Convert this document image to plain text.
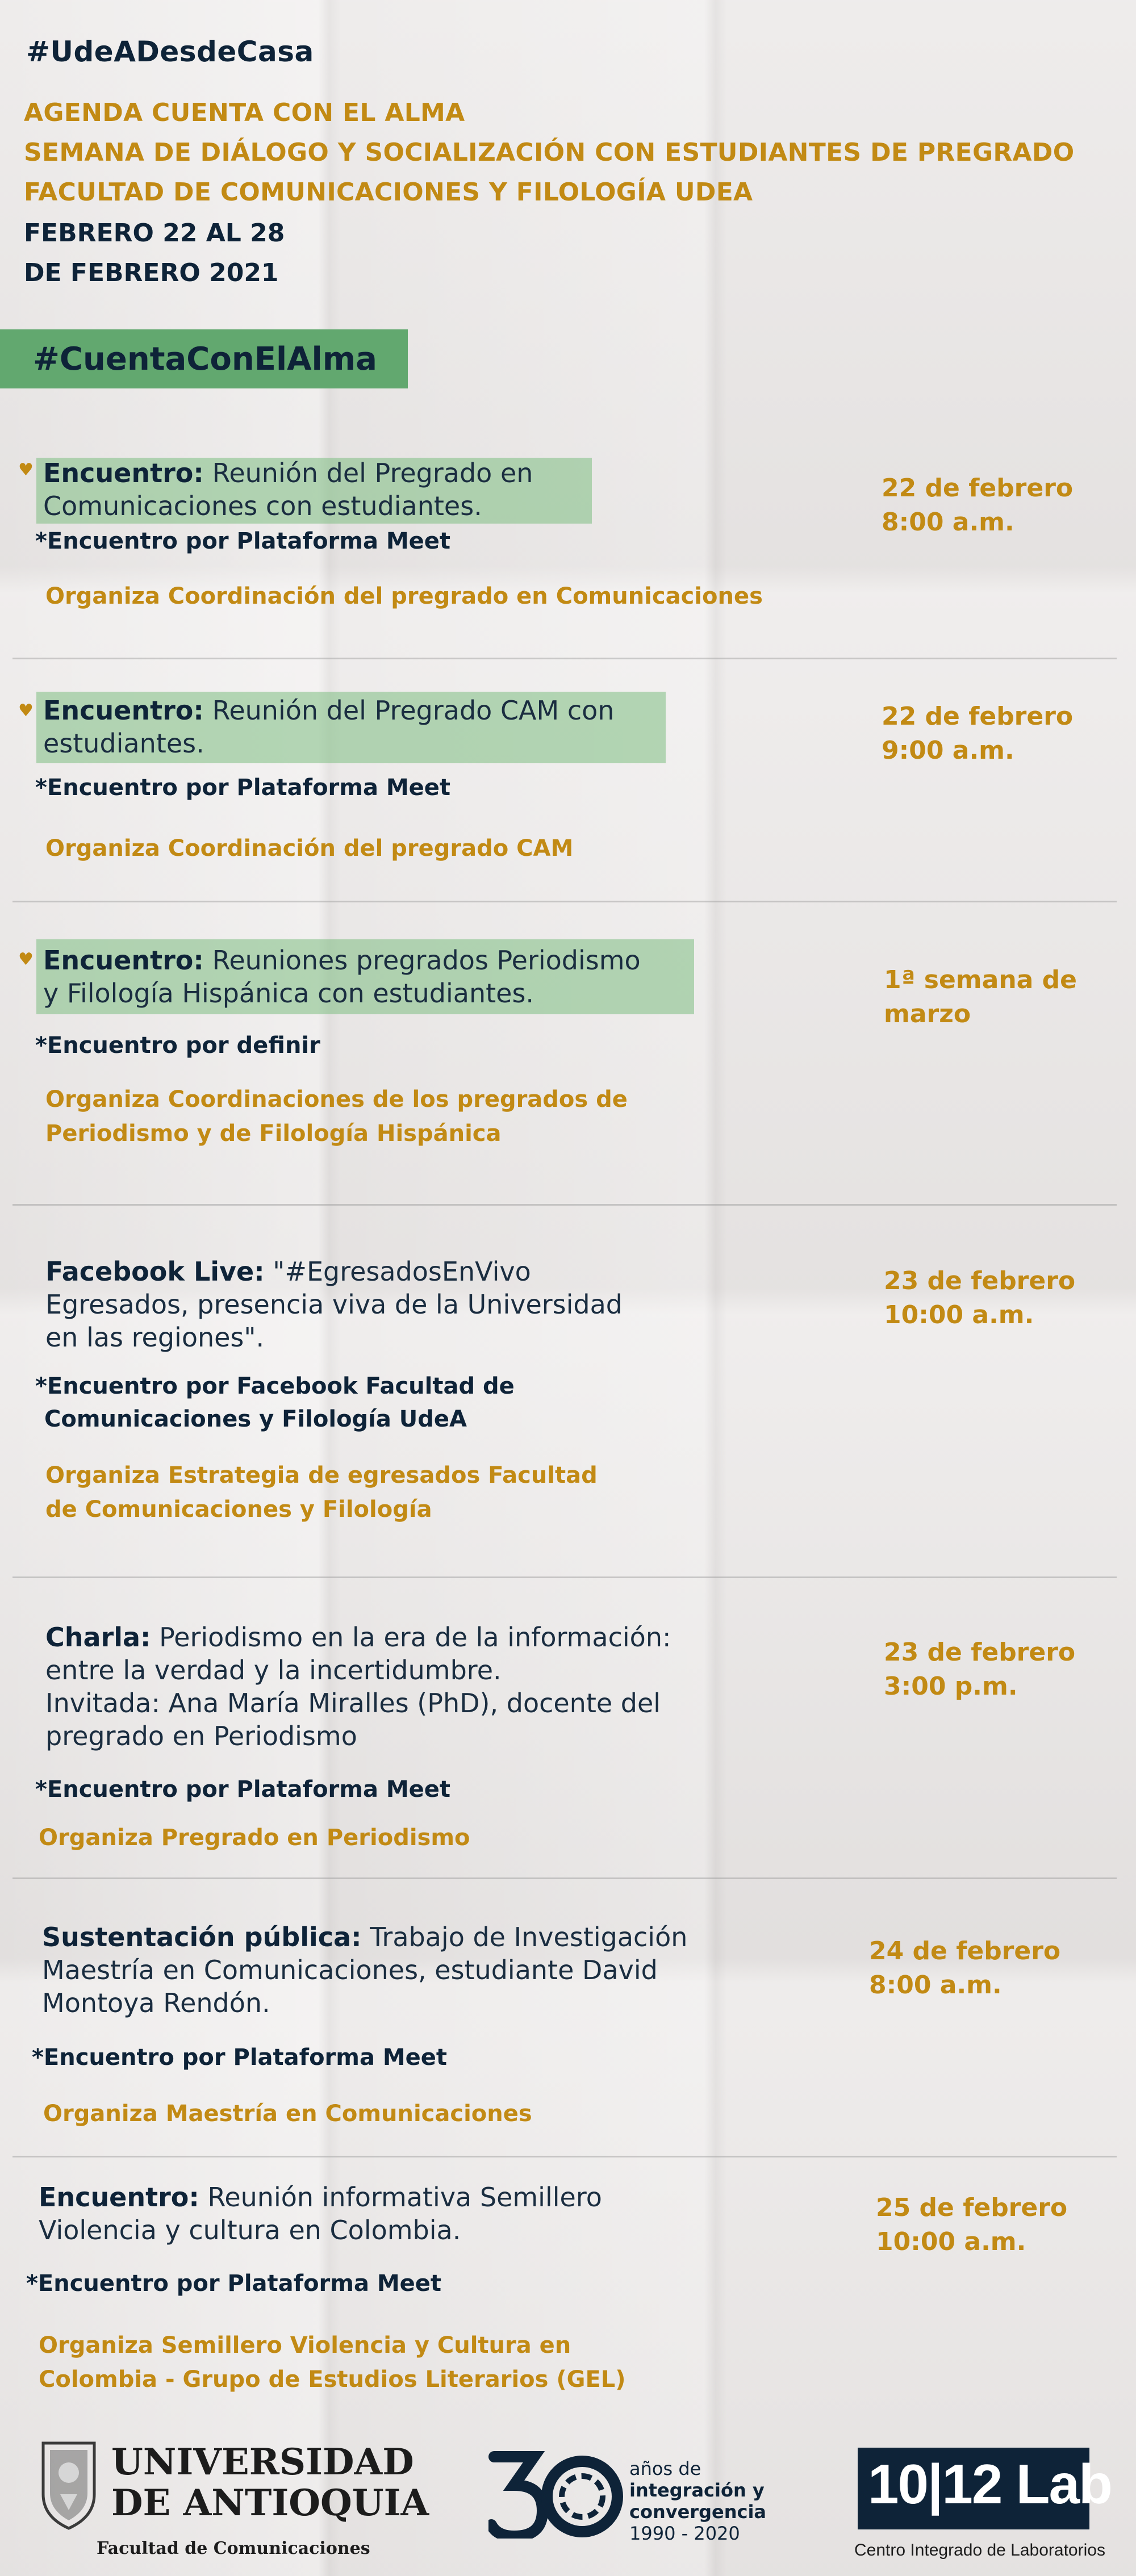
#UdeADesdeCasa
AGENDA CUENTA CON EL ALMA
SEMANA DE DIÁLOGO Y SOCIALIZACIÓN CON ESTUDIANTES DE PREGRADO
FACULTAD DE COMUNICACIONES Y FILOLOGÍA UDEA
FEBRERO 22 AL 28
DE FEBRERO 2021
#CuentaConElAlma
♥ Encuentro: Reunión del Pregrado en
Comunicaciones con estudiantes.
*Encuentro por Plataforma Meet
Organiza Coordinación del pregrado en Comunicaciones
22 de febrero
8:00 a.m.
♥ Encuentro: Reunión del Pregrado CAM con
estudiantes.
*Encuentro por Plataforma Meet
Organiza Coordinación del pregrado CAM
22 de febrero
9:00 a.m.
♥ Encuentro: Reuniones pregrados Periodismo
y Filología Hispánica con estudiantes.
*Encuentro por definir
Organiza Coordinaciones de los pregrados de
Periodismo y de Filología Hispánica
1ª semana de
marzo
Facebook Live: "#EgresadosEnVivo
Egresados, presencia viva de la Universidad
en las regiones".
*Encuentro por Facebook Facultad de
Comunicaciones y Filología UdeA
Organiza Estrategia de egresados Facultad
de Comunicaciones y Filología
23 de febrero
10:00 a.m.
Charla: Periodismo en la era de la información:
entre la verdad y la incertidumbre.
Invitada: Ana María Miralles (PhD), docente del
pregrado en Periodismo
*Encuentro por Plataforma Meet
Organiza Pregrado en Periodismo
23 de febrero
3:00 p.m.
Sustentación pública: Trabajo de Investigación
Maestría en Comunicaciones, estudiante David
Montoya Rendón.
*Encuentro por Plataforma Meet
Organiza Maestría en Comunicaciones
24 de febrero
8:00 a.m.
Encuentro: Reunión informativa Semillero
Violencia y cultura en Colombia.
*Encuentro por Plataforma Meet
Organiza Semillero Violencia y Cultura en
Colombia - Grupo de Estudios Literarios (GEL)
25 de febrero
10:00 a.m.
UNIVERSIDAD
DE ANTIOQUIA
Facultad de Comunicaciones
años de
integración y
convergencia
1990 - 2020
10|12 Lab
Centro Integrado de Laboratorios
